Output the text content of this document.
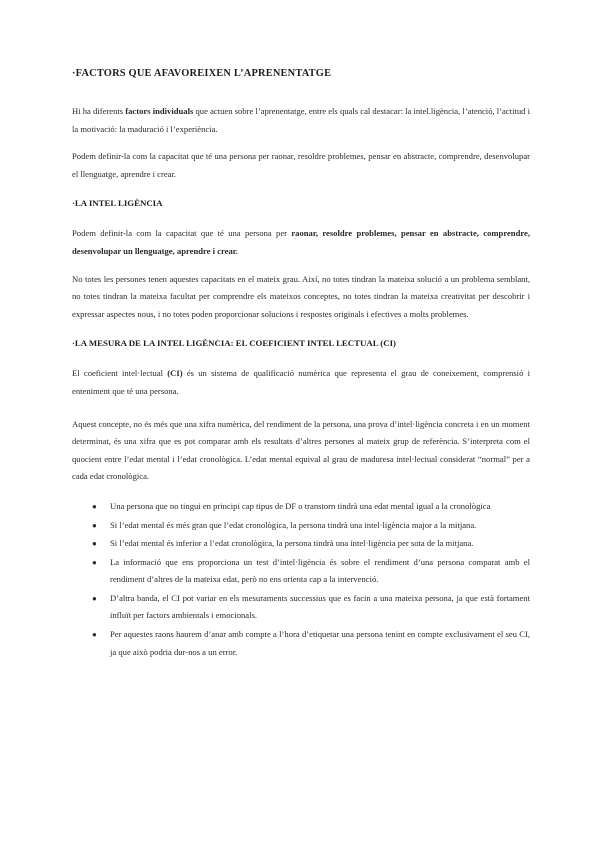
·FACTORS QUE AFAVOREIXEN L’APRENENTATGE

Hi ha diferents factors individuals que actuen sobre l’aprenentatge, entre els quals cal destacar: la intel.ligència, l’atenció, l’actitud i la motivació: la maduració i l’experiència.

Podem definir-la com la capacitat que té una persona per raonar, resoldre problemes, pensar en abstracte, comprendre, desenvolupar el llenguatge, aprendre i crear.

·LA INTEL LIGÈNCIA

Podem definir-la com la capacitat que té una persona per raonar, resoldre problemes, pensar en abstracte, comprendre, desenvolupar un llenguatge, aprendre i crear.

No totes les persones tenen aquestes capacitats en el mateix grau. Així, no totes tindran la mateixa solució a un problema semblant, no totes tindran la mateixa facultat per comprendre els mateixos conceptes, no totes tindran la mateixa creativitat per descobrir i expressar aspectes nous, i no totes poden proporcionar solucions i respostes originals i efectives a molts problemes.

·LA MESURA DE LA INTEL LIGÈNCIA: EL COEFICIENT INTEL LECTUAL (CI)

El coeficient intel·lectual (CI) és un sistema de qualificació numèrica que representa el grau de coneixement, comprensió i enteniment que té una persona.

Aquest concepte, no és més que una xifra numèrica, del rendiment de la persona, una prova d’intel·ligència concreta i en un moment determinat, és una xifra que es pot comparar amb els resultats d’altres persones al mateix grup de referència. S’interpreta com el quocient entre l’edat mental i l’edat cronològica. L’edat mental equival al grau de maduresa intel·lectual considerat “normal” per a cada edat cronològica.

● Una persona que no tingui en principi cap tipus de DF o transtorn tindrà una edat mental igual a la cronològica
● Si l’edat mental és més gran que l’edat cronològica, la persona tindrà una intel·ligència major a la mitjana.
● Si l’edat mental és inferior a l’edat cronològica, la persona tindrà una intel·ligència per sota de la mitjana.
● La informació que ens proporciona un test d’intel·ligència és sobre el rendiment d’una persona comparat amb el rendiment d’altres de la mateixa edat, però no ens orienta cap a la intervenció.
● D’altra banda, el CI pot variar en els mesuraments successius que es facin a una mateixa persona, ja que està fortament influït per factors ambientals i emocionals.
● Per aquestes raons haurem d’anar amb compte a l’hora d’etiquetar una persona tenint en compte exclusivament el seu CI, ja que això podria dur-nos a un error.
